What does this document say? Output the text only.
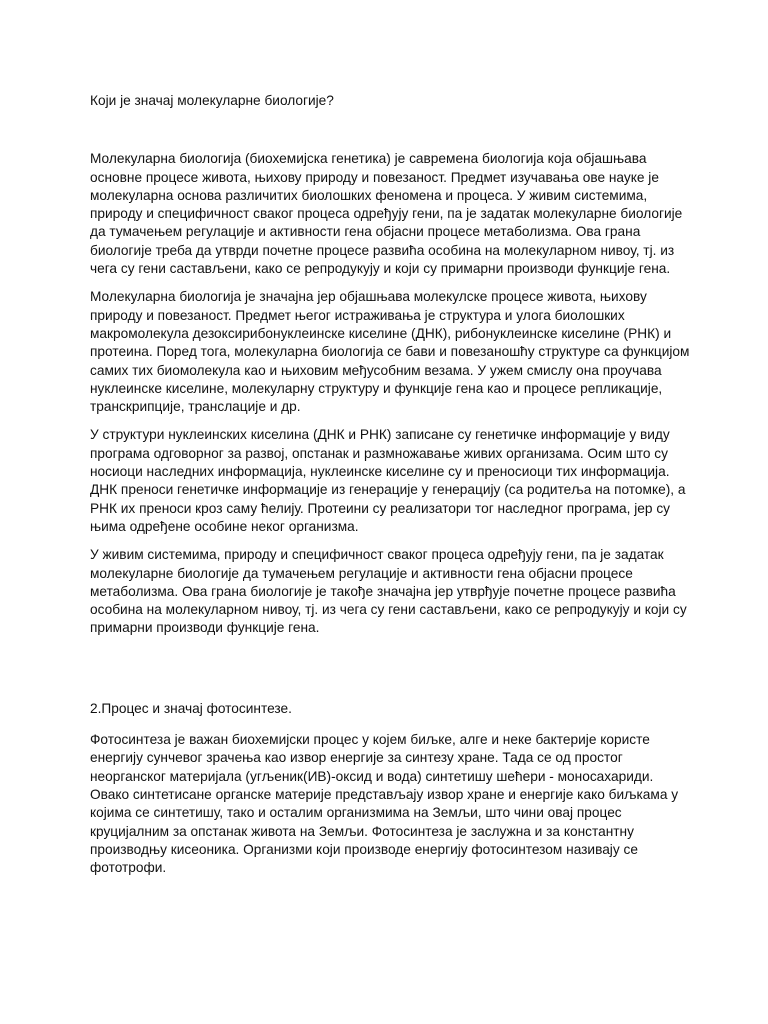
Који је значај молекуларне биологије?

Молекуларна биологија (биохемијска генетика) је савремена биологија која објашњава основне процесе живота, њихову природу и повезаност. Предмет изучавања ове науке је молекуларна основа различитих биолошких феномена и процеса. У живим системима, природу и специфичност сваког процеса одређују гени, па је задатак молекуларне биологије да тумачењем регулације и активности гена објасни процесе метаболизма. Ова грана биологије треба да утврди почетне процесе развића особина на молекуларном нивоу, тј. из чега су гени састављени, како се репродукују и који су примарни производи функције гена.

Молекуларна биологија је значајна јер објашњава молекулске процесе живота, њихову природу и повезаност. Предмет његог истраживања је структура и улога биолошких макромолекула дезоксирибонуклеинске киселине (ДНК), рибонуклеинске киселине (РНК) и протеина. Поред тога, молекуларна биологија се бави и повезаношћу структуре са функцијом самих тих биомолекула као и њиховим међусобним везама. У ужем смислу она проучава нуклеинске киселине, молекуларну структуру и функције гена као и процесе репликације, транскрипције, транслације и др.

У структури нуклеинских киселина (ДНК и РНК) записане су генетичке информације у виду програма одговорног за развој, опстанак и размножавање живих организама. Осим што су носиоци наследних информација, нуклеинске киселине су и преносиоци тих информација. ДНК преноси генетичке информације из генерације у генерацију (са родитеља на потомке), а РНК их преноси кроз саму ћелију. Протеини су реализатори тог наследног програма, јер су њима одређене особине неког организма.

У живим системима, природу и специфичност сваког процеса одређују гени, па је задатак молекуларне биологије да тумачењем регулације и активности гена објасни процесе метаболизма. Ова грана биологије је такође значајна јер утврђује почетне процесе развића особина на молекуларном нивоу, тј. из чега су гени састављени, како се репродукују и који су примарни производи функције гена.

2.Процес и значај фотосинтезе.

Фотосинтеза је важан биохемијски процес у којем биљке, алге и неке бактерије користе енергију сунчевог зрачења као извор енергије за синтезу хране. Тада се од простог неорганског материјала (угљеник(ИВ)-оксид и вода) синтетишу шећери - моносахариди. Овако синтетисане органске материје представљају извор хране и енергије како биљкама у којима се синтетишу, тако и осталим организмима на Земљи, што чини овај процес круцијалним за опстанак живота на Земљи. Фотосинтеза је заслужна и за константну производњу кисеоника. Организми који производе енергију фотосинтезом називају се фототрофи.
